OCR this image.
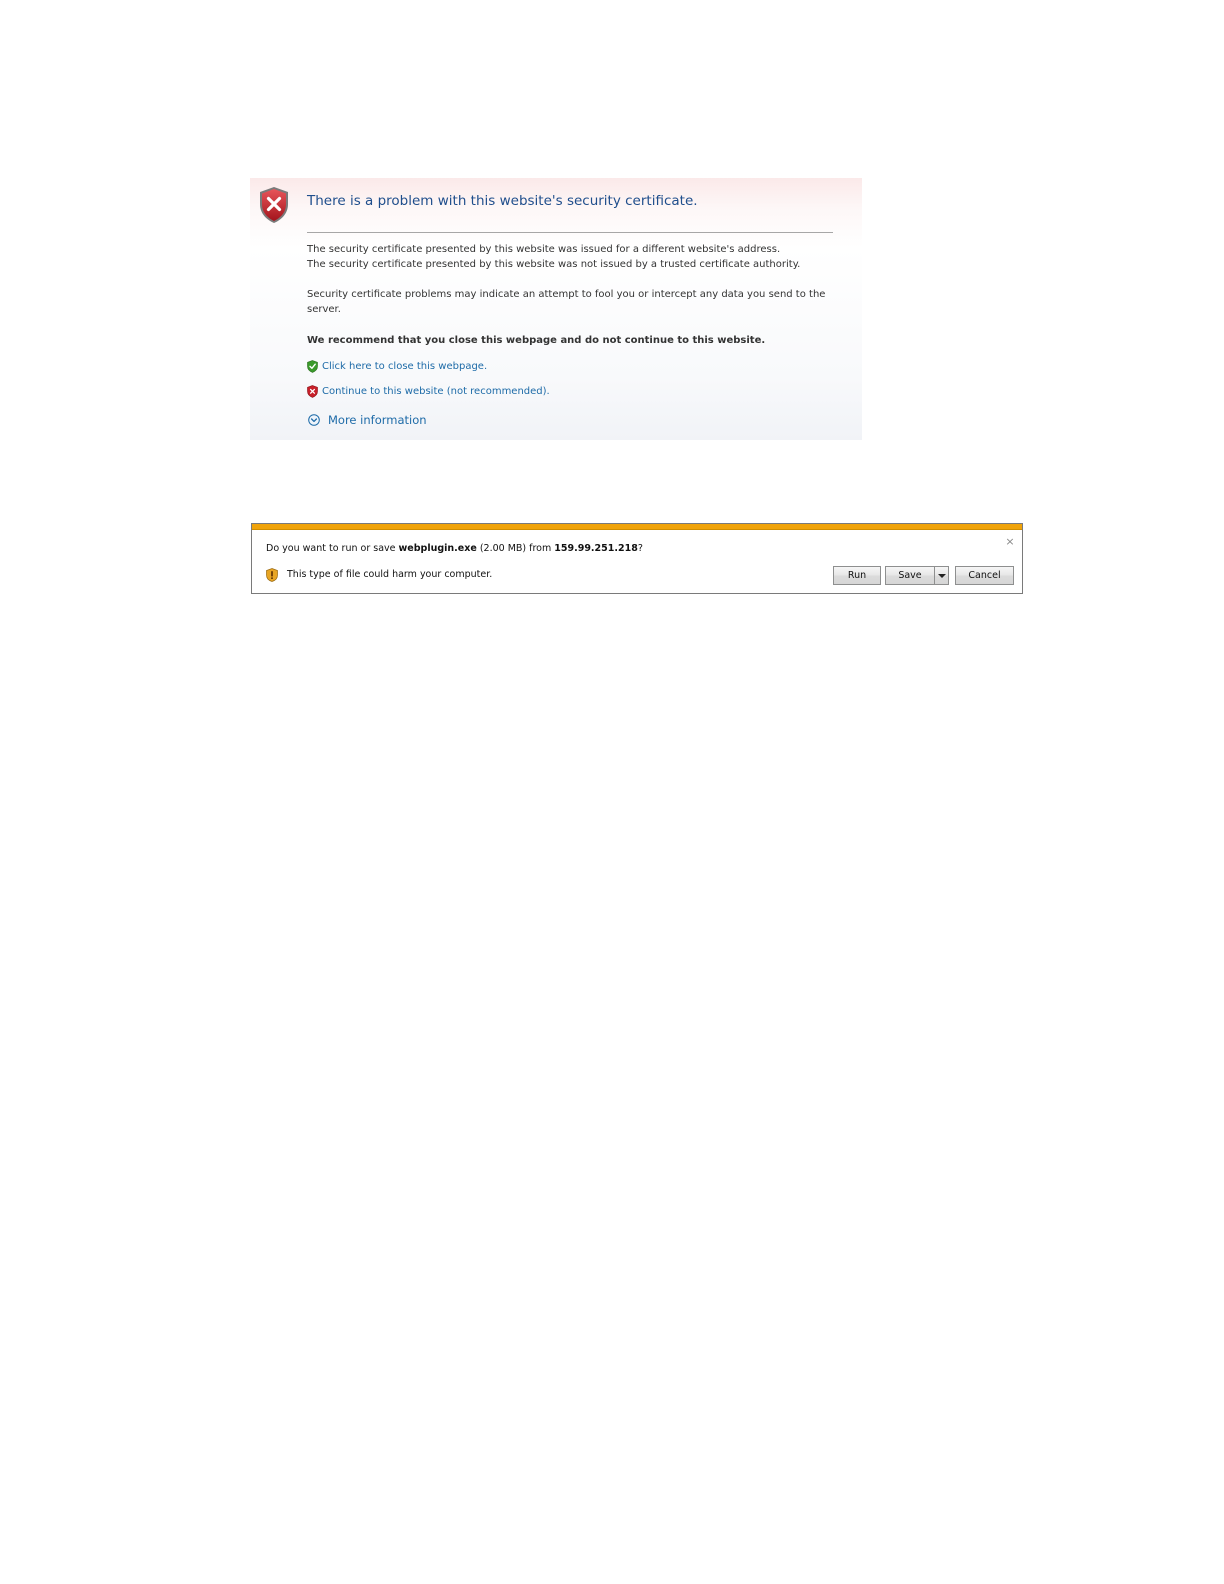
There is a problem with this website's security certificate.
The security certificate presented by this website was issued for a different website's address.
The security certificate presented by this website was not issued by a trusted certificate authority.
Security certificate problems may indicate an attempt to fool you or intercept any data you send to the
server.
We recommend that you close this webpage and do not continue to this website.
Click here to close this webpage.
Continue to this website (not recommended).
More information
×
Do you want to run or save webplugin.exe (2.00 MB) from 159.99.251.218?
This type of file could harm your computer.	Run	Save	Cancel
